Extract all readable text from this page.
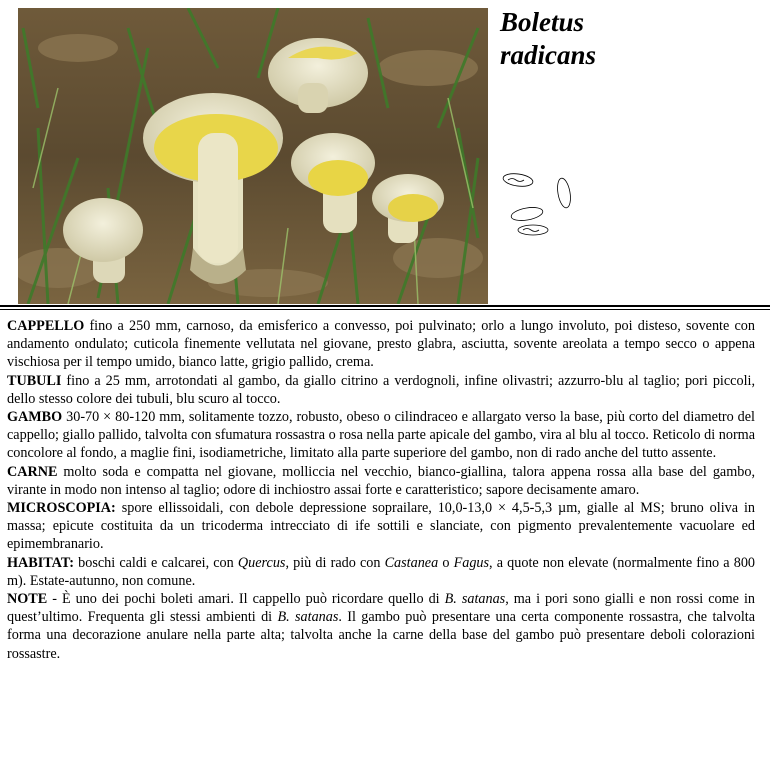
Boletus
radicans

CAPPELLO fino a 250 mm, carnoso, da emisferico a convesso, poi pulvinato; orlo a lungo involuto, poi disteso, sovente con andamento ondulato; cuticola finemente vellutata nel giovane, presto glabra, asciutta, sovente areolata a tempo secco o appena vischiosa per il tempo umido, bianco latte, grigio pallido, crema.

TUBULI fino a 25 mm, arrotondati al gambo, da giallo citrino a verdognoli, infine olivastri; azzurro-blu al taglio; pori piccoli, dello stesso colore dei tubuli, blu scuro al tocco.

GAMBO 30-70 × 80-120 mm, solitamente tozzo, robusto, obeso o cilindraceo e allargato verso la base, più corto del diametro del cappello; giallo pallido, talvolta con sfumatura rossastra o rosa nella parte apicale del gambo, vira al blu al tocco. Reticolo di norma concolore al fondo, a maglie fini, isodiametriche, limitato alla parte superiore del gambo, non di rado anche del tutto assente.

CARNE molto soda e compatta nel giovane, molliccia nel vecchio, bianco-giallina, talora appena rossa alla base del gambo, virante in modo non intenso al taglio; odore di inchiostro assai forte e caratteristico; sapore decisamente amaro.

MICROSCOPIA: spore ellissoidali, con debole depressione soprailare, 10,0-13,0 × 4,5-5,3 µm, gialle al MS; bruno oliva in massa; epicute costituita da un tricoderma intrecciato di ife sottili e slanciate, con pigmento prevalentemente vacuolare ed epimembranario.

HABITAT: boschi caldi e calcarei, con Quercus, più di rado con Castanea o Fagus, a quote non elevate (normalmente fino a 800 m). Estate-autunno, non comune.

NOTE - È uno dei pochi boleti amari. Il cappello può ricordare quello di B. satanas, ma i pori sono gialli e non rossi come in quest’ultimo. Frequenta gli stessi ambienti di B. satanas. Il gambo può presentare una certa componente rossastra, che talvolta forma una decorazione anulare nella parte alta; talvolta anche la carne della base del gambo può presentare deboli colorazioni rossastre.
